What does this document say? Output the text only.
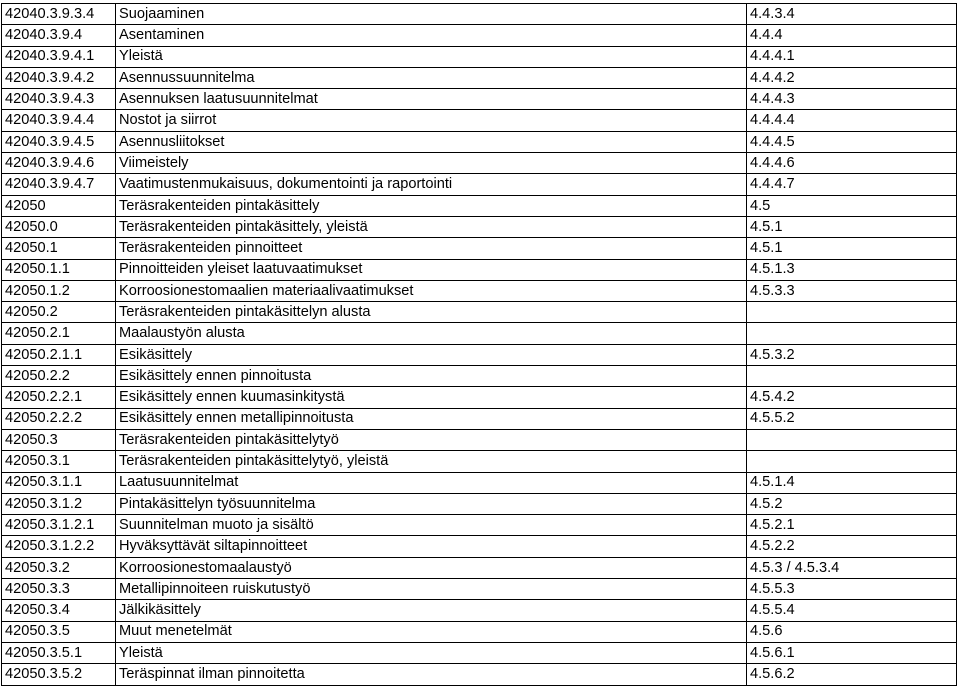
42040.3.9.3.4	Suojaaminen	4.4.3.4
42040.3.9.4	Asentaminen	4.4.4
42040.3.9.4.1	Yleistä	4.4.4.1
42040.3.9.4.2	Asennussuunnitelma	4.4.4.2
42040.3.9.4.3	Asennuksen laatusuunnitelmat	4.4.4.3
42040.3.9.4.4	Nostot ja siirrot	4.4.4.4
42040.3.9.4.5	Asennusliitokset	4.4.4.5
42040.3.9.4.6	Viimeistely	4.4.4.6
42040.3.9.4.7	Vaatimustenmukaisuus, dokumentointi ja raportointi	4.4.4.7
42050	Teräsrakenteiden pintakäsittely	4.5
42050.0	Teräsrakenteiden pintakäsittely, yleistä	4.5.1
42050.1	Teräsrakenteiden pinnoitteet	4.5.1
42050.1.1	Pinnoitteiden yleiset laatuvaatimukset	4.5.1.3
42050.1.2	Korroosionestomaalien materiaalivaatimukset	4.5.3.3
42050.2	Teräsrakenteiden pintakäsittelyn alusta	
42050.2.1	Maalaustyön alusta	
42050.2.1.1	Esikäsittely	4.5.3.2
42050.2.2	Esikäsittely ennen pinnoitusta	
42050.2.2.1	Esikäsittely ennen kuumasinkitystä	4.5.4.2
42050.2.2.2	Esikäsittely ennen metallipinnoitusta	4.5.5.2
42050.3	Teräsrakenteiden pintakäsittelytyö	
42050.3.1	Teräsrakenteiden pintakäsittelytyö, yleistä	
42050.3.1.1	Laatusuunnitelmat	4.5.1.4
42050.3.1.2	Pintakäsittelyn työsuunnitelma	4.5.2
42050.3.1.2.1	Suunnitelman muoto ja sisältö	4.5.2.1
42050.3.1.2.2	Hyväksyttävät siltapinnoitteet	4.5.2.2
42050.3.2	Korroosionestomaalaustyö	4.5.3 / 4.5.3.4
42050.3.3	Metallipinnoiteen ruiskutustyö	4.5.5.3
42050.3.4	Jälkikäsittely	4.5.5.4
42050.3.5	Muut menetelmät	4.5.6
42050.3.5.1	Yleistä	4.5.6.1
42050.3.5.2	Teräspinnat ilman pinnoitetta	4.5.6.2
